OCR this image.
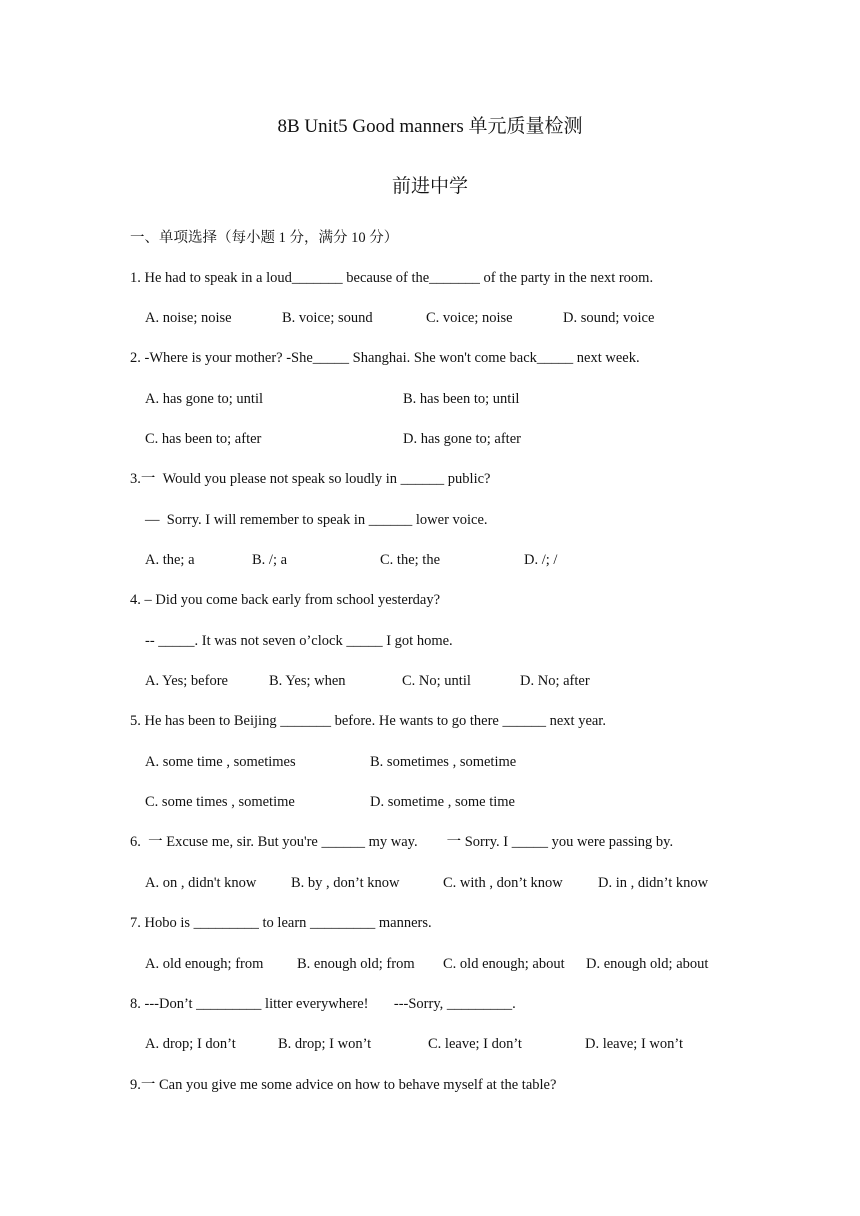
8B Unit5 Good manners 单元质量检测
前进中学
一、单项选择（每小题 1 分，满分 10 分）
1. He had to speak in a loud_______ because of the_______ of the party in the next room.
A. noise; noise	B. voice; sound	C. voice; noise	D. sound; voice
2. -Where is your mother? -She_____ Shanghai. She won't come back_____ next week.
A. has gone to; until	B. has been to; until
C. has been to; after	D. has gone to; after
3.一  Would you please not speak so loudly in ______ public?
—  Sorry. I will remember to speak in ______ lower voice.
A. the; a	B. /; a	C. the; the	D. /; /
4. – Did you come back early from school yesterday?
-- _____. It was not seven o’clock _____ I got home.
A. Yes; before	B. Yes; when	C. No; until	D. No; after
5. He has been to Beijing _______ before. He wants to go there ______ next year.
A. some time , sometimes	B. sometimes , sometime
C. some times , sometime	D. sometime , some time
6.  一 Excuse me, sir. But you're ______ my way.        一 Sorry. I _____ you were passing by.
A. on , didn't know B. by , don’t know	C. with , don’t know D. in , didn’t know
7. Hobo is _________ to learn _________ manners.
A. old enough; from B. enough old; from C. old enough; about D. enough old; about
8. ---Don’t _________ litter everywhere!       ---Sorry, _________.
A. drop; I don’t	B. drop; I won’t	C. leave; I don’t	D. leave; I won’t
9.一 Can you give me some advice on how to behave myself at the table?
